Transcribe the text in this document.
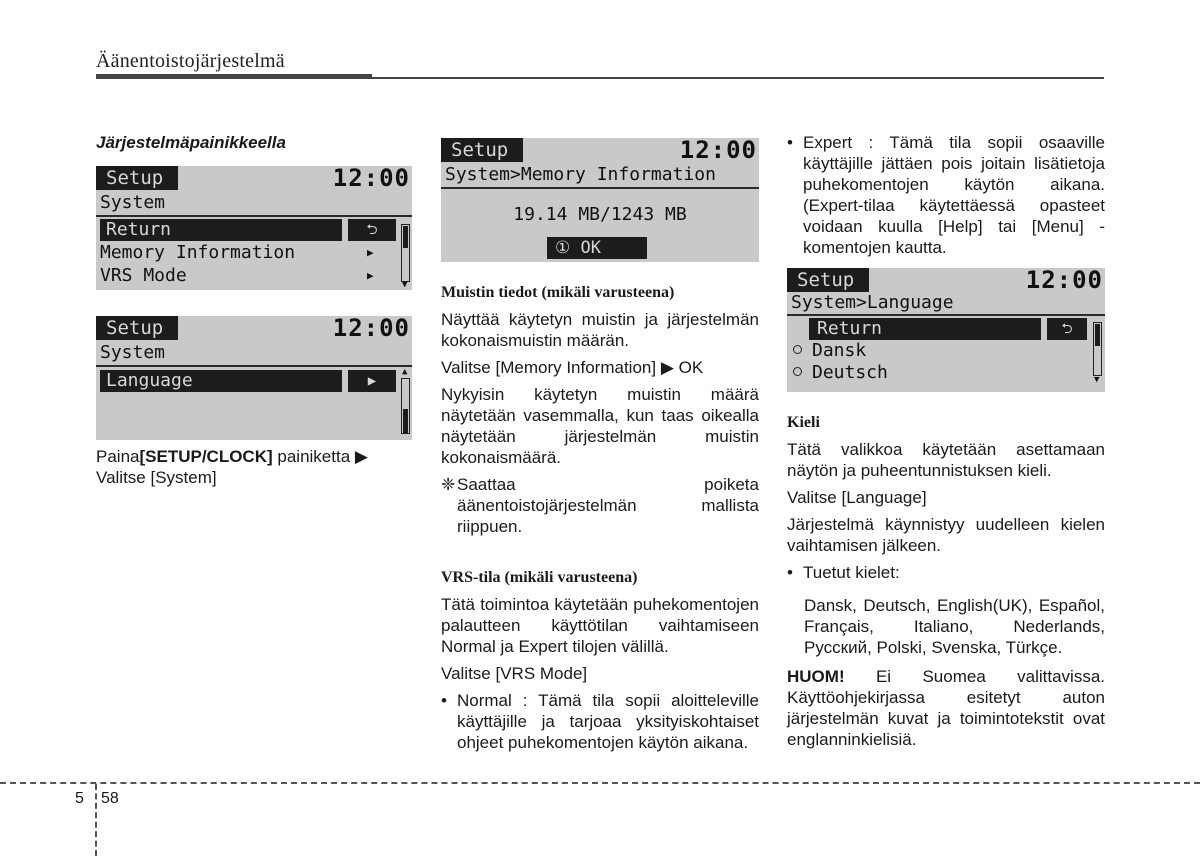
Äänentoistojärjestelmä
Järjestelmäpainikkeella
Setup	12:00
System
Return	⮌
Memory Information	▶
VRS Mode	▶
▼
Setup	12:00
System
Language	▶
▲
Paina[SETUP/CLOCK] painiketta ▶ Valitse [System]
Setup	12:00
System>Memory Information
19.14 MB/1243 MB
① OK
Muistin tiedot (mikäli varusteena)

Näyttää käytetyn muistin ja järjestelmän kokonaismuistin määrän.

Valitse [Memory Information] ▶ OK

Nykyisin käytetyn muistin määrä näytetään vasemmalla, kun taas oikealla näytetään järjestelmän muistin kokonaismäärä.

❈ Saattaa poiketa äänentoistojärjestelmän mallista riippuen.
VRS-tila (mikäli varusteena)

Tätä toimintoa käytetään puhekomentojen palautteen käyttötilan vaihtamiseen Normal ja Expert tilojen välillä.

Valitse [VRS Mode]

• Normal : Tämä tila sopii aloitteleville käyttäjille ja tarjoaa yksityiskohtaiset ohjeet puhekomentojen käytön aikana.
• Expert : Tämä tila sopii osaaville käyttäjille jättäen pois joitain lisätietoja puhekomentojen käytön aikana. (Expert-tilaa käytettäessä opasteet voidaan kuulla [Help] tai [Menu] -komentojen kautta.
Setup	12:00
System>Language
Return	⮌
Dansk
Deutsch	▼
Kieli

Tätä valikkoa käytetään asettamaan näytön ja puheentunnistuksen kieli.

Valitse [Language]

Järjestelmä käynnistyy uudelleen kielen vaihtamisen jälkeen.

• Tuetut kielet:

Dansk, Deutsch, English(UK), Español, Français, Italiano, Nederlands, Русский, Polski, Svenska, Türkçe.

HUOM! Ei Suomea valittavissa. Käyttöohjekirjassa esitetyt auton järjestelmän kuvat ja toimintotekstit ovat englanninkielisiä.

5 58
